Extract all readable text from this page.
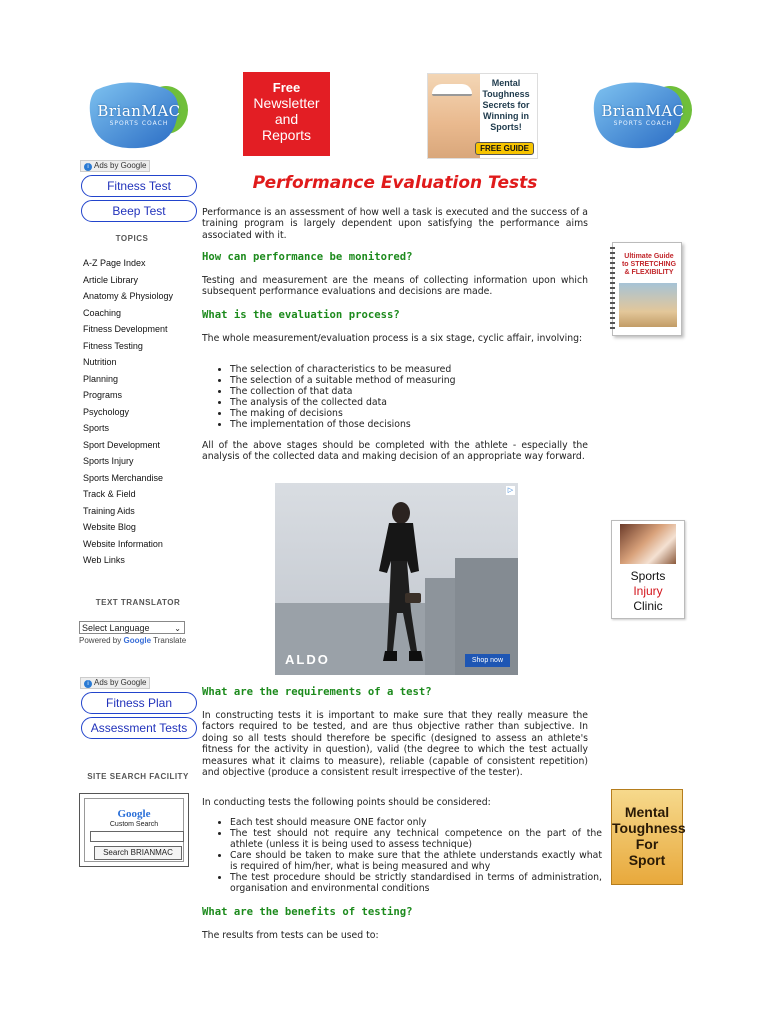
BrianMAC
SPORTS COACH
Free
Newsletter
and
Reports
Mental Toughness Secrets for Winning in Sports!
FREE GUIDE
BrianMAC
SPORTS COACH
i Ads by Google
Fitness Test
Beep Test
TOPICS
A-Z Page Index
Article Library
Anatomy & Physiology
Coaching
Fitness Development
Fitness Testing
Nutrition
Planning
Programs
Psychology
Sports
Sport Development
Sports Injury
Sports Merchandise
Track & Field
Training Aids
Website Blog
Website Information
Web Links
TEXT TRANSLATOR
Select Language	⌄
Powered by Google Translate
i Ads by Google
Fitness Plan
Assessment Tests
SITE SEARCH FACILITY
Google
Custom Search
Search BRIANMAC
Performance Evaluation Tests

Performance is an assessment of how well a task is executed and the success of a training program is largely dependent upon satisfying the performance aims associated with it.

How can performance be monitored?

Testing and measurement are the means of collecting information upon which subsequent performance evaluations and decisions are made.

What is the evaluation process?

The whole measurement/evaluation process is a six stage, cyclic affair, involving:

• The selection of characteristics to be measured
• The selection of a suitable method of measuring
• The collection of that data
• The analysis of the collected data
• The making of decisions
• The implementation of those decisions

All of the above stages should be completed with the athlete - especially the analysis of the collected data and making decision of an appropriate way forward.

ALDO	Shop now
▷
What are the requirements of a test?

In constructing tests it is important to make sure that they really measure the factors required to be tested, and are thus objective rather than subjective. In doing so all tests should therefore be specific (designed to assess an athlete's fitness for the activity in question), valid (the degree to which the test actually measures what it claims to measure), reliable (capable of consistent repetition) and objective (produce a consistent result irrespective of the tester).

In conducting tests the following points should be considered:

• Each test should measure ONE factor only
• The test should not require any technical competence on the part of the athlete (unless it is being used to assess technique)
• Care should be taken to make sure that the athlete understands exactly what is required of him/her, what is being measured and why
• The test procedure should be strictly standardised in terms of administration, organisation and environmental conditions
What are the benefits of testing?

The results from tests can be used to:

Ultimate Guide to STRETCHING & FLEXIBILITY
Sports
Injury
Clinic
Mental
Toughness
For
Sport
